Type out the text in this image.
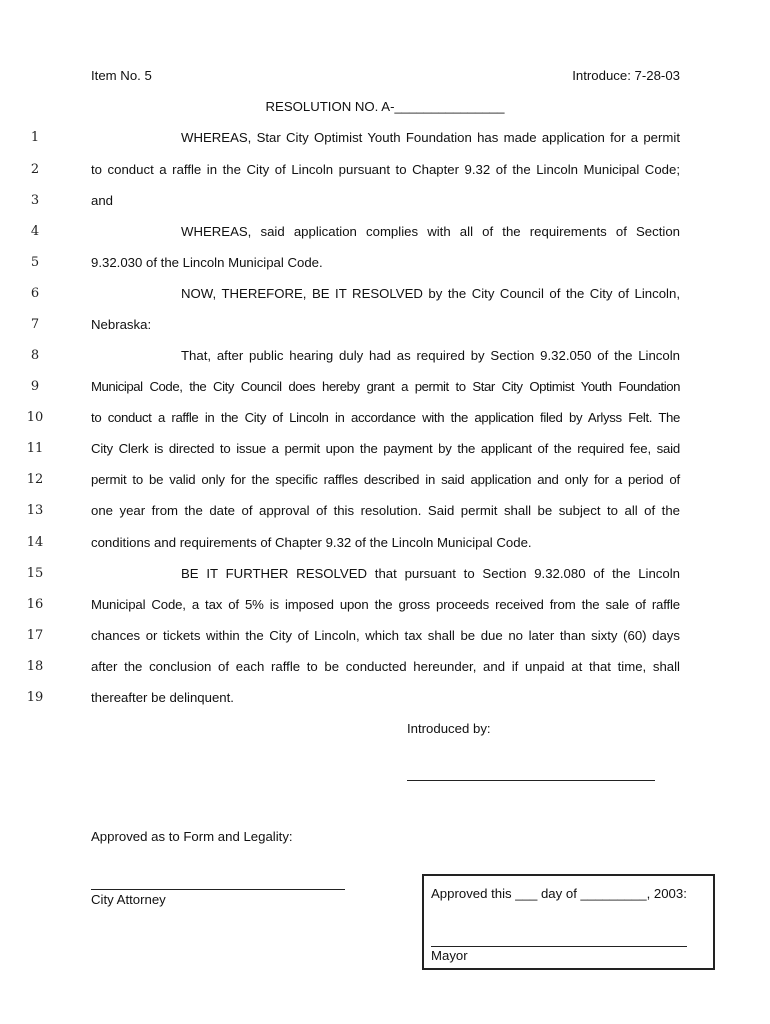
Item No. 5	Introduce: 7-28-03
RESOLUTION NO. A-_______________
1	WHEREAS, Star City Optimist Youth Foundation has made application for a permit
2	to conduct a raffle in the City of Lincoln pursuant to Chapter 9.32 of the Lincoln Municipal Code;
3	and
4	WHEREAS, said application complies with all of the requirements of Section
5	9.32.030 of the Lincoln Municipal Code.
6	NOW, THEREFORE, BE IT RESOLVED by the City Council of the City of Lincoln,
7	Nebraska:
8	That, after public hearing duly had as required by Section 9.32.050 of the Lincoln
9	Municipal Code, the City Council does hereby grant a permit to Star City Optimist Youth Foundation
10	to conduct a raffle in the City of Lincoln in accordance with the application filed by Arlyss Felt. The
11	City Clerk is directed to issue a permit upon the payment by the applicant of the required fee, said
12	permit to be valid only for the specific raffles described in said application and only for a period of
13	one year from the date of approval of this resolution. Said permit shall be subject to all of the
14	conditions and requirements of Chapter 9.32 of the Lincoln Municipal Code.
15	BE IT FURTHER RESOLVED that pursuant to Section 9.32.080 of the Lincoln
16	Municipal Code, a tax of 5% is imposed upon the gross proceeds received from the sale of raffle
17	chances or tickets within the City of Lincoln, which tax shall be due no later than sixty (60) days
18	after the conclusion of each raffle to be conducted hereunder, and if unpaid at that time, shall
19	thereafter be delinquent.
Introduced by:
Approved as to Form and Legality:
City Attorney	Approved this ___ day of _________, 2003:
Mayor
